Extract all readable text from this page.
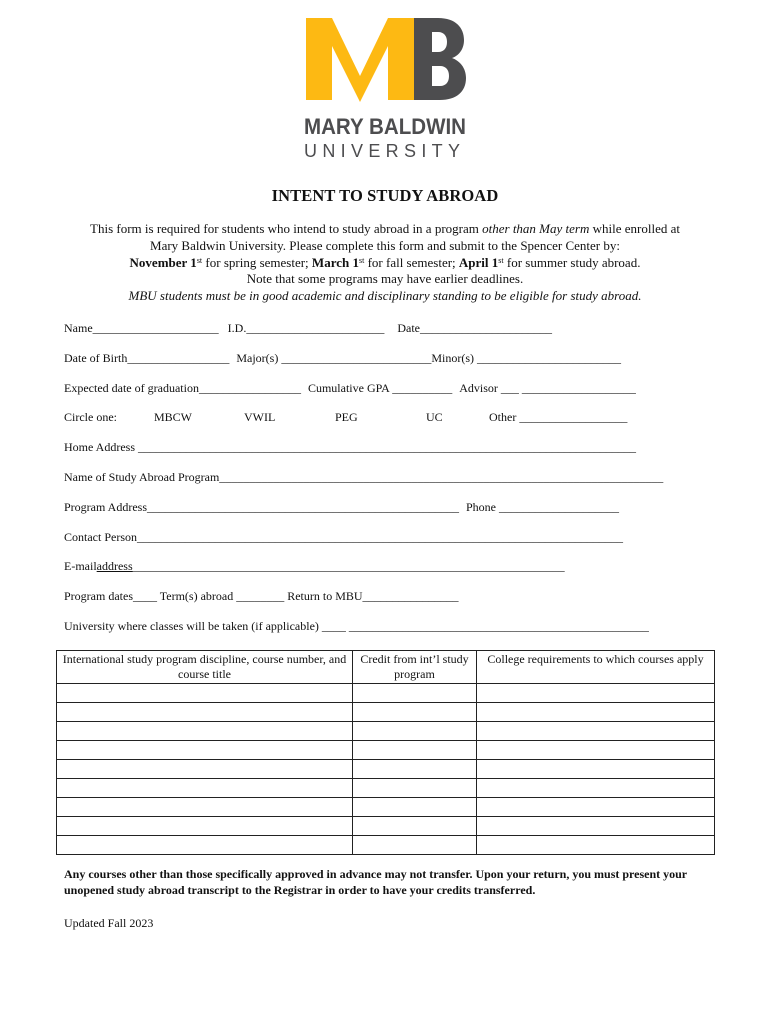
MARY BALDWIN
UNIVERSITY
INTENT TO STUDY ABROAD
This form is required for students who intend to study abroad in a program other than May term while enrolled at
Mary Baldwin University. Please complete this form and submit to the Spencer Center by:
November 1st for spring semester; March 1st for fall semester; April 1st for summer study abroad.
Note that some programs may have earlier deadlines.
MBU students must be in good academic and disciplinary standing to be eligible for study abroad.
Name_____________________ I.D._______________________ Date______________________
Date of Birth_________________ Major(s) _________________________Minor(s) ________________________
Expected date of graduation_________________ Cumulative GPA __________ Advisor ___ ___________________
Circle one:	MBCW	VWIL	PEG	UC	Other __________________
Home Address ___________________________________________________________________________________
Name of Study Abroad Program__________________________________________________________________________
Program Address____________________________________________________ Phone ____________________
Contact Person_________________________________________________________________________________
E-mailaddress________________________________________________________________________
Program dates____ Term(s) abroad ________ Return to MBU________________
University where classes will be taken (if applicable) ____ __________________________________________________
International study program discipline, course number, and course title	Credit from int’l study program	College requirements to which courses apply

Any courses other than those specifically approved in advance may not transfer. Upon your return, you must present your unopened study abroad transcript to the Registrar in order to have your credits transferred.
Updated Fall 2023
